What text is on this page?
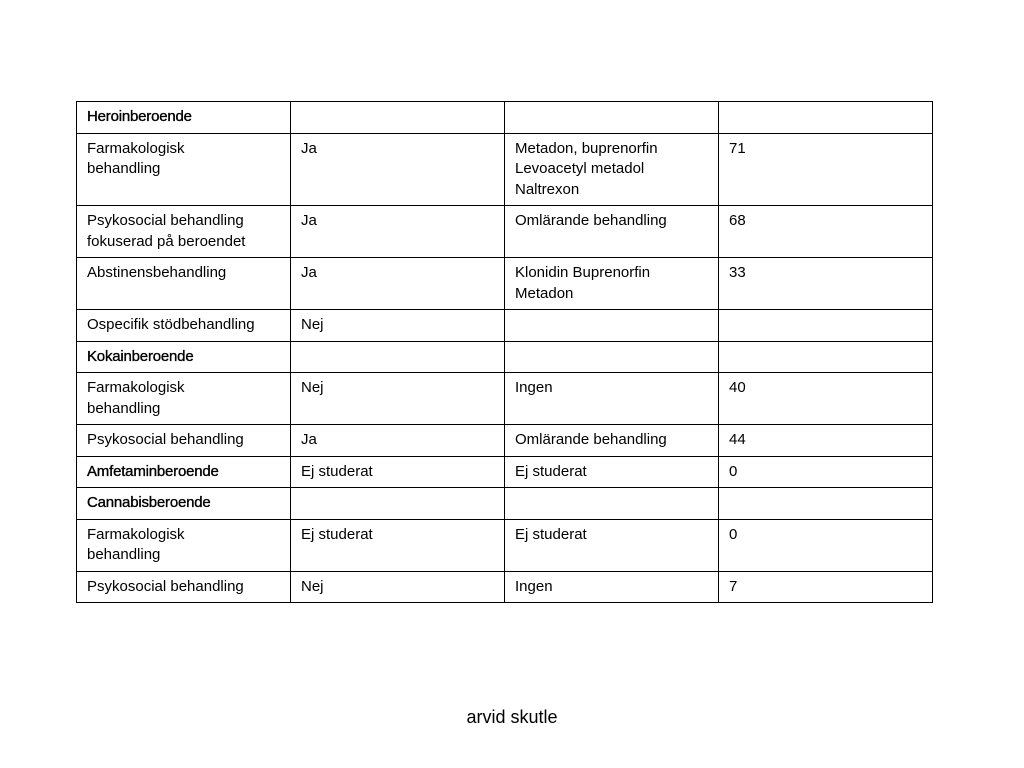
Heroinberoende			

Farmakologisk
behandling	Ja	Metadon, buprenorfin
Levoacetyl metadol
Naltrexon	71

Psykosocial behandling
fokuserad på beroendet	Ja	Omlärande behandling	68

Abstinensbehandling	Ja	Klonidin Buprenorfin
Metadon	33

Ospecifik stödbehandling	Nej		

Kokainberoende			

Farmakologisk
behandling	Nej	Ingen	40

Psykosocial behandling	Ja	Omlärande behandling	44

Amfetaminberoende	Ej studerat	Ej studerat	0

Cannabisberoende			

Farmakologisk
behandling	Ej studerat	Ej studerat	0

Psykosocial behandling	Nej	Ingen	7
arvid skutle
